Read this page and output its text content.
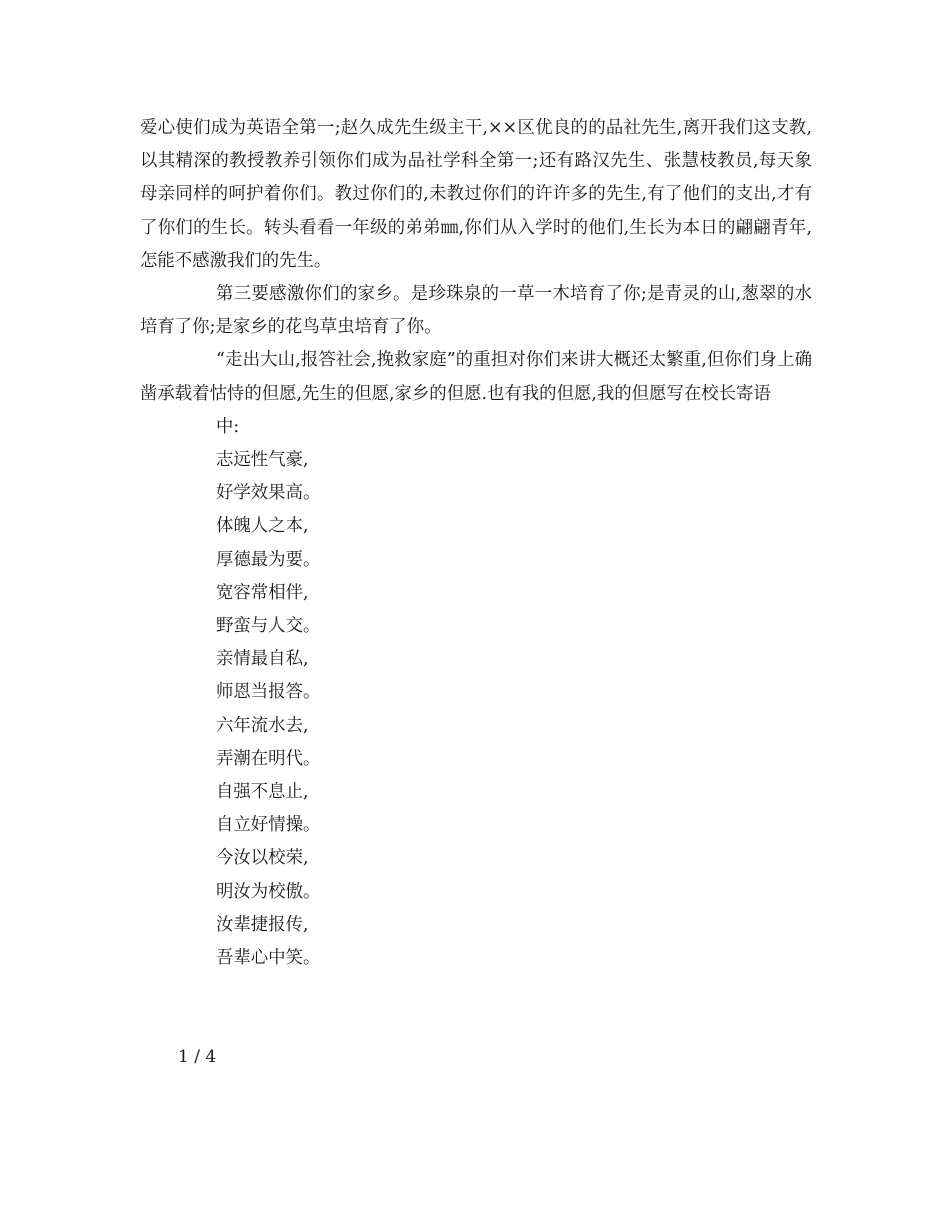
爱心使们成为英语全第一;赵久成先生级主干,××区优良的的品社先生,离开我们这支教,以其精深的教授教养引领你们成为品社学科全第一;还有路汉先生、张慧枝教员,每天象母亲同样的呵护着你们。教过你们的,未教过你们的许许多的先生,有了他们的支出,才有了你们的生长。转头看看一年级的弟弟㎜,你们从入学时的他们,生长为本日的翩翩青年,怎能不感激我们的先生。

第三要感激你们的家乡。是珍珠泉的一草一木培育了你;是青灵的山,葱翠的水培育了你;是家乡的花鸟草虫培育了你。

“走出大山,报答社会,挽救家庭”的重担对你们来讲大概还太繁重,但你们身上确凿承载着怙恃的但愿,先生的但愿,家乡的但愿.也有我的但愿,我的但愿写在校长寄语

中:
志远性气豪,
好学效果高。
体魄人之本,
厚德最为要。
宽容常相伴,
野蛮与人交。
亲情最自私,
师恩当报答。
六年流水去,
弄潮在明代。
自强不息止,
自立好情操。
今汝以校荣,
明汝为校傲。
汝辈捷报传,
吾辈心中笑。
1 / 4
